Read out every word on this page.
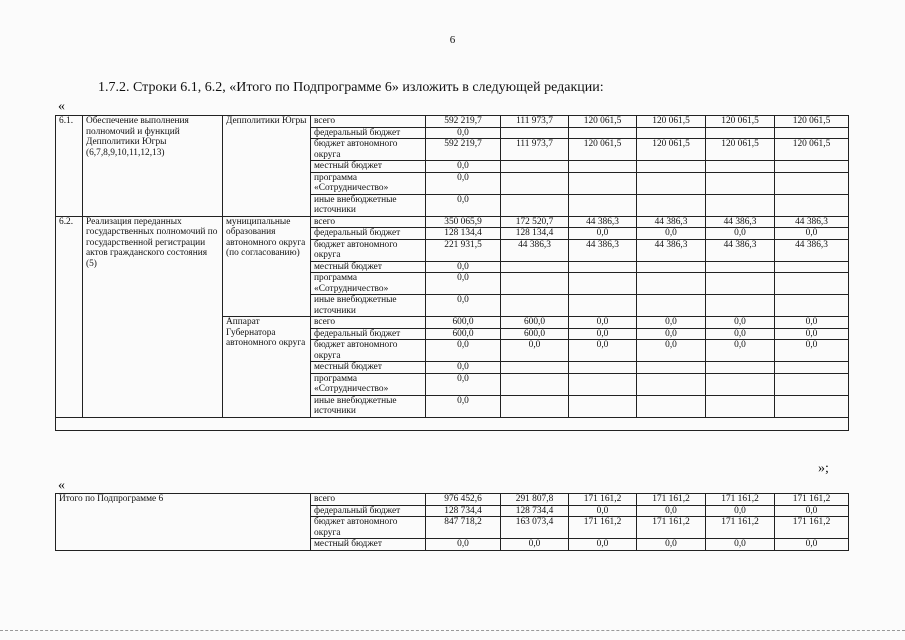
6
1.7.2. Строки 6.1, 6.2, «Итого по Подпрограмме 6» изложить в следующей редакции:
«
6.1.	Обеспечение выполнения полномочий и функций Депполитики Югры (6,7,8,9,10,11,12,13)	Депполитики Югры	всего	592 219,7	111 973,7	120 061,5	120 061,5	120 061,5	120 061,5
			федеральный бюджет	0,0					
			бюджет автономного округа	592 219,7	111 973,7	120 061,5	120 061,5	120 061,5	120 061,5
			местный бюджет	0,0					
			программа «Сотрудничество»	0,0					
			иные внебюджетные источники	0,0					
6.2.	Реализация переданных государственных полномочий по государственной регистрации актов гражданского состояния (5)	муниципальные образования автономного округа (по согласованию)	всего	350 065,9	172 520,7	44 386,3	44 386,3	44 386,3	44 386,3
			федеральный бюджет	128 134,4	128 134,4	0,0	0,0	0,0	0,0
			бюджет автономного округа	221 931,5	44 386,3	44 386,3	44 386,3	44 386,3	44 386,3
			местный бюджет	0,0					
			программа «Сотрудничество»	0,0					
			иные внебюджетные источники	0,0					
		Аппарат Губернатора автономного округа	всего	600,0	600,0	0,0	0,0	0,0	0,0
			федеральный бюджет	600,0	600,0	0,0	0,0	0,0	0,0
			бюджет автономного округа	0,0	0,0	0,0	0,0	0,0	0,0
			местный бюджет	0,0					
			программа «Сотрудничество»	0,0					
			иные внебюджетные источники	0,0					

»;
«
Итого по Подпрограмме 6	всего	976 452,6	291 807,8	171 161,2	171 161,2	171 161,2	171 161,2
	федеральный бюджет	128 734,4	128 734,4	0,0	0,0	0,0	0,0
	бюджет автономного округа	847 718,2	163 073,4	171 161,2	171 161,2	171 161,2	171 161,2
	местный бюджет	0,0	0,0	0,0	0,0	0,0	0,0
